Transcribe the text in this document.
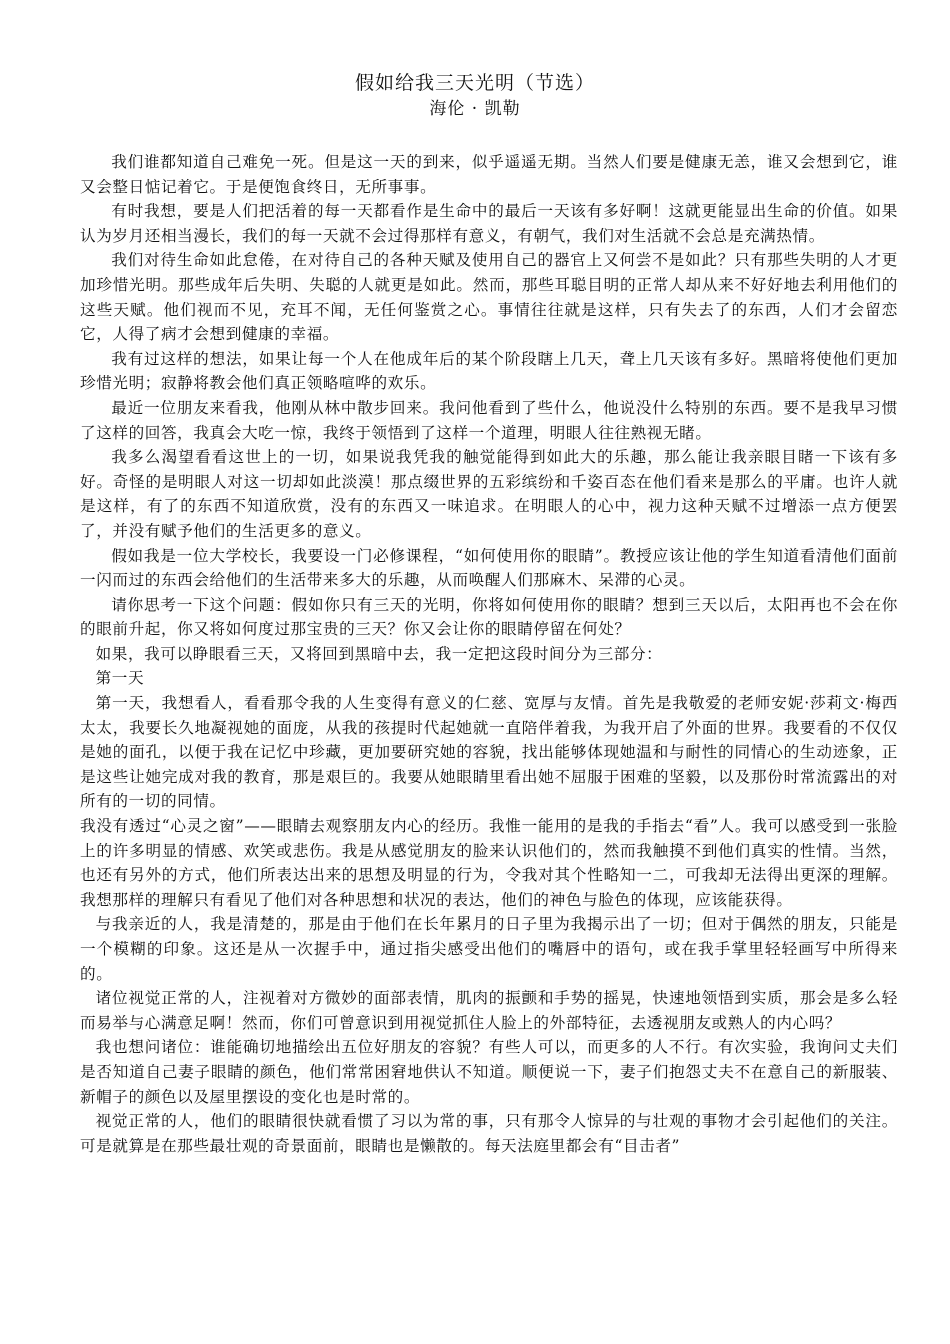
假如给我三天光明（节选）
海伦 · 凯勒

我们谁都知道自己难免一死。但是这一天的到来，似乎遥遥无期。当然人们要是健康无恙，谁又会想到它，谁又会整日惦记着它。于是便饱食终日，无所事事。

有时我想，要是人们把活着的每一天都看作是生命中的最后一天该有多好啊！这就更能显出生命的价值。如果认为岁月还相当漫长，我们的每一天就不会过得那样有意义，有朝气，我们对生活就不会总是充满热情。

我们对待生命如此怠倦，在对待自己的各种天赋及使用自己的器官上又何尝不是如此？只有那些失明的人才更加珍惜光明。那些成年后失明、失聪的人就更是如此。然而，那些耳聪目明的正常人却从来不好好地去利用他们的这些天赋。他们视而不见，充耳不闻，无任何鉴赏之心。事情往往就是这样，只有失去了的东西，人们才会留恋它，人得了病才会想到健康的幸福。

我有过这样的想法，如果让每一个人在他成年后的某个阶段瞎上几天，聋上几天该有多好。黑暗将使他们更加珍惜光明；寂静将教会他们真正领略喧哗的欢乐。

最近一位朋友来看我，他刚从林中散步回来。我问他看到了些什么，他说没什么特别的东西。要不是我早习惯了这样的回答，我真会大吃一惊，我终于领悟到了这样一个道理，明眼人往往熟视无睹。

我多么渴望看看这世上的一切，如果说我凭我的触觉能得到如此大的乐趣，那么能让我亲眼目睹一下该有多好。奇怪的是明眼人对这一切却如此淡漠！那点缀世界的五彩缤纷和千姿百态在他们看来是那么的平庸。也许人就是这样，有了的东西不知道欣赏，没有的东西又一味追求。在明眼人的心中，视力这种天赋不过增添一点方便罢了，并没有赋予他们的生活更多的意义。

假如我是一位大学校长，我要设一门必修课程，“如何使用你的眼睛”。教授应该让他的学生知道看清他们面前一闪而过的东西会给他们的生活带来多大的乐趣，从而唤醒人们那麻木、呆滞的心灵。

请你思考一下这个问题：假如你只有三天的光明，你将如何使用你的眼睛？想到三天以后，太阳再也不会在你的眼前升起，你又将如何度过那宝贵的三天？你又会让你的眼睛停留在何处？

如果，我可以睁眼看三天，又将回到黑暗中去，我一定把这段时间分为三部分：

第一天

第一天，我想看人，看看那令我的人生变得有意义的仁慈、宽厚与友情。首先是我敬爱的老师安妮·莎莉文·梅西太太，我要长久地凝视她的面庞，从我的孩提时代起她就一直陪伴着我，为我开启了外面的世界。我要看的不仅仅是她的面孔，以便于我在记忆中珍藏，更加要研究她的容貌，找出能够体现她温和与耐性的同情心的生动迹象，正是这些让她完成对我的教育，那是艰巨的。我要从她眼睛里看出她不屈服于困难的坚毅，以及那份时常流露出的对所有的一切的同情。

我没有透过“心灵之窗”——眼睛去观察朋友内心的经历。我惟一能用的是我的手指去“看”人。我可以感受到一张脸上的许多明显的情感、欢笑或悲伤。我是从感觉朋友的脸来认识他们的，然而我触摸不到他们真实的性情。当然，也还有另外的方式，他们所表达出来的思想及明显的行为，令我对其个性略知一二，可我却无法得出更深的理解。我想那样的理解只有看见了他们对各种思想和状况的表达，他们的神色与脸色的体现，应该能获得。

与我亲近的人，我是清楚的，那是由于他们在长年累月的日子里为我揭示出了一切；但对于偶然的朋友，只能是一个模糊的印象。这还是从一次握手中，通过指尖感受出他们的嘴唇中的语句，或在我手掌里轻轻画写中所得来的。

诸位视觉正常的人，注视着对方微妙的面部表情，肌肉的振颤和手势的摇晃，快速地领悟到实质，那会是多么轻而易举与心满意足啊！然而，你们可曾意识到用视觉抓住人脸上的外部特征，去透视朋友或熟人的内心吗？

我也想问诸位：谁能确切地描绘出五位好朋友的容貌？有些人可以，而更多的人不行。有次实验，我询问丈夫们是否知道自己妻子眼睛的颜色，他们常常困窘地供认不知道。顺便说一下，妻子们抱怨丈夫不在意自己的新服装、新帽子的颜色以及屋里摆设的变化也是时常的。

视觉正常的人，他们的眼睛很快就看惯了习以为常的事，只有那令人惊异的与壮观的事物才会引起他们的关注。可是就算是在那些最壮观的奇景面前，眼睛也是懒散的。每天法庭里都会有“目击者”
